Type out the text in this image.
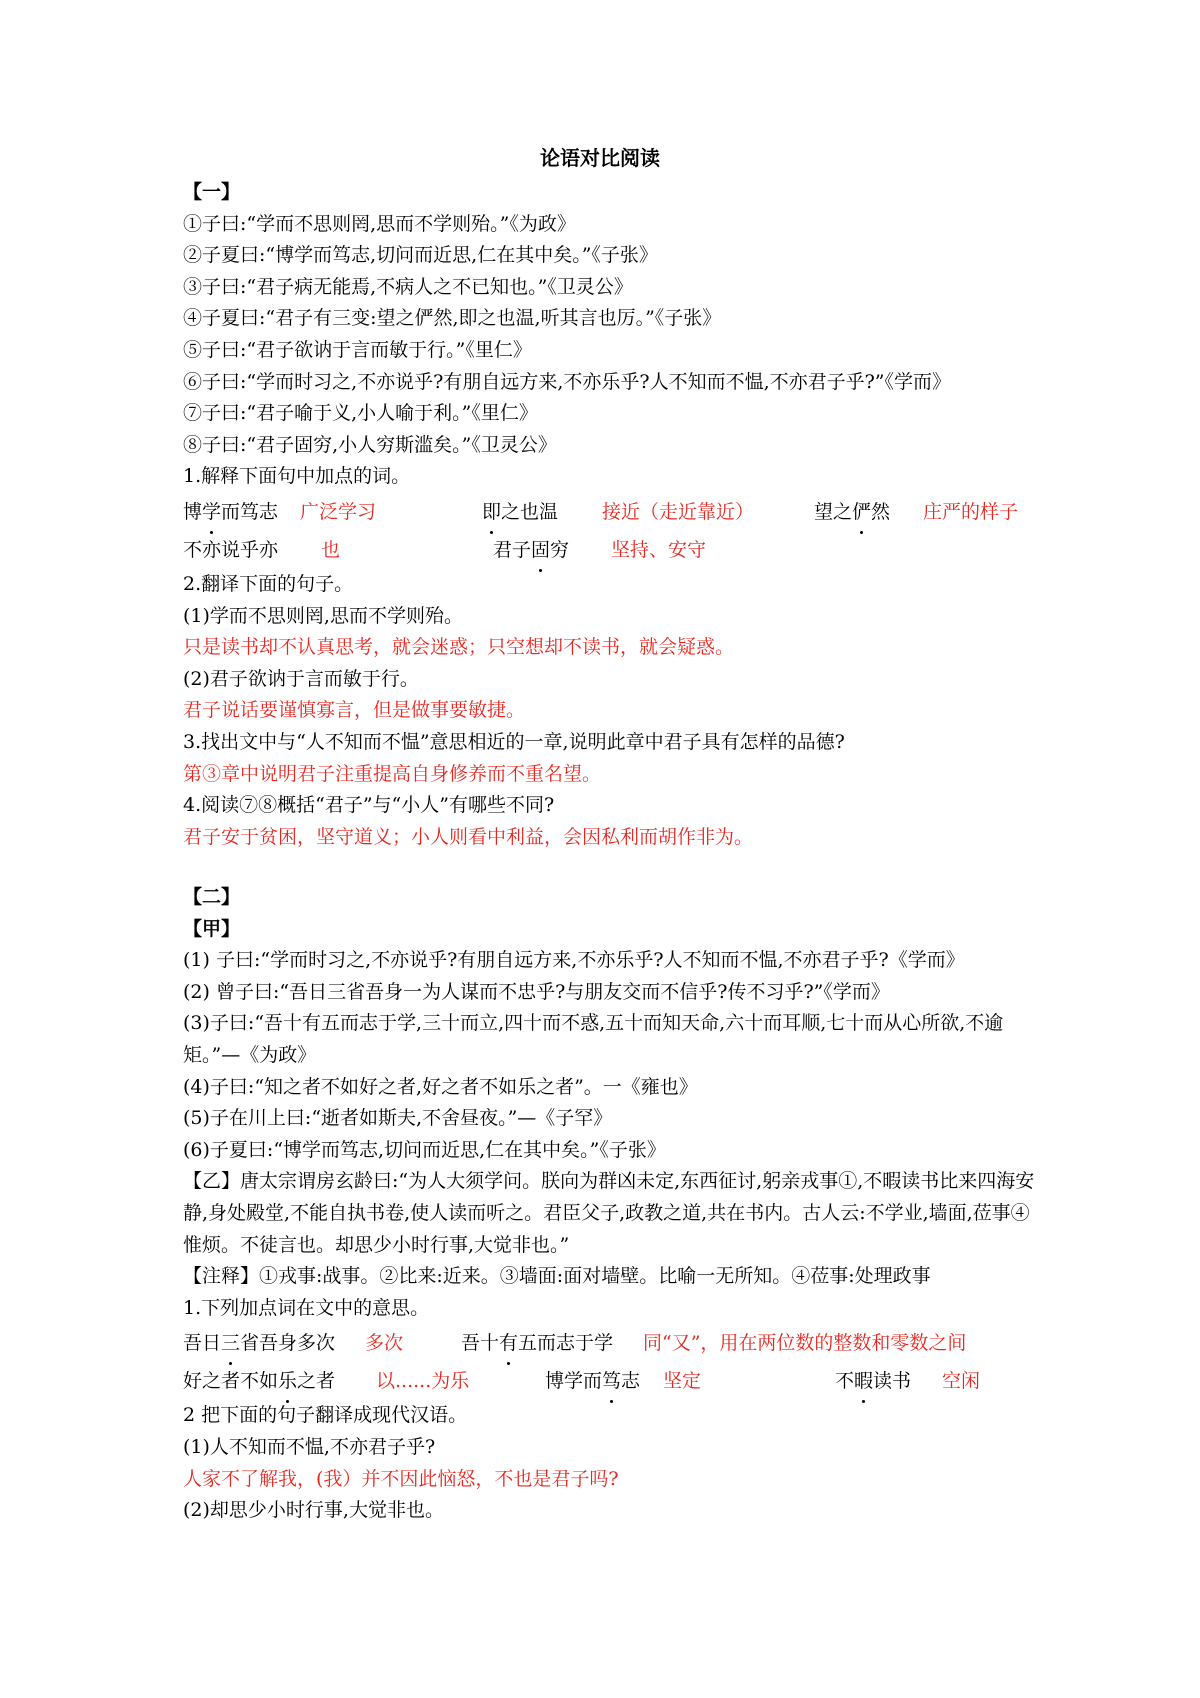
论语对比阅读
【一】
①子曰:“学而不思则罔,思而不学则殆。”《为政》
②子夏曰:“博学而笃志,切问而近思,仁在其中矣。”《子张》
③子曰:“君子病无能焉,不病人之不已知也。”《卫灵公》
④子夏曰:“君子有三变:望之俨然,即之也温,听其言也厉。”《子张》
⑤子曰:“君子欲讷于言而敏于行。”《里仁》
⑥子曰:“学而时习之,不亦说乎?有朋自远方来,不亦乐乎?人不知而不愠,不亦君子乎?”《学而》
⑦子曰:“君子喻于义,小人喻于利。”《里仁》
⑧子曰:“君子固穷,小人穷斯滥矣。”《卫灵公》
1.解释下面句中加点的词。
博学而笃志 广泛学习	即之也温 接近（走近靠近）	望之俨然 庄严的样子
不亦说乎亦 也	君子固穷 坚持、安守
2.翻译下面的句子。
(1)学而不思则罔,思而不学则殆。
只是读书却不认真思考，就会迷惑；只空想却不读书，就会疑惑。
(2)君子欲讷于言而敏于行。
君子说话要谨慎寡言，但是做事要敏捷。
3.找出文中与“人不知而不愠”意思相近的一章,说明此章中君子具有怎样的品德?
第③章中说明君子注重提高自身修养而不重名望。
4.阅读⑦⑧概括“君子”与“小人”有哪些不同?
君子安于贫困，坚守道义；小人则看中利益，会因私利而胡作非为。
【二】
【甲】
(1) 子曰:“学而时习之,不亦说乎?有朋自远方来,不亦乐乎?人不知而不愠,不亦君子乎?《学而》
(2) 曾子曰:“吾日三省吾身一为人谋而不忠乎?与朋友交而不信乎?传不习乎?”《学而》
(3)子曰:“吾十有五而志于学,三十而立,四十而不惑,五十而知天命,六十而耳顺,七十而从心所欲,不逾矩。”—《为政》
(4)子曰:“知之者不如好之者,好之者不如乐之者”。一《雍也》
(5)子在川上曰:“逝者如斯夫,不舍昼夜。”—《子罕》
(6)子夏曰:“博学而笃志,切问而近思,仁在其中矣。”《子张》
【乙】唐太宗谓房玄龄曰:“为人大须学问。朕向为群凶未定,东西征讨,躬亲戎事①,不暇读书比来四海安静,身处殿堂,不能自执书卷,使人读而听之。君臣父子,政教之道,共在书内。古人云:不学业,墙面,莅事④惟烦。不徒言也。却思少小时行事,大觉非也。”
【注释】①戎事:战事。②比来:近来。③墙面:面对墙壁。比喻一无所知。④莅事:处理政事
1.下列加点词在文中的意思。
吾日三省吾身多次 多次	吾十有五而志于学 同“又”，用在两位数的整数和零数之间
好之者不如乐之者 以......为乐	博学而笃志 坚定	不暇读书 空闲
2 把下面的句子翻译成现代汉语。
(1)人不知而不愠,不亦君子乎?
人家不了解我，(我）并不因此恼怒，不也是君子吗?
(2)却思少小时行事,大觉非也。
